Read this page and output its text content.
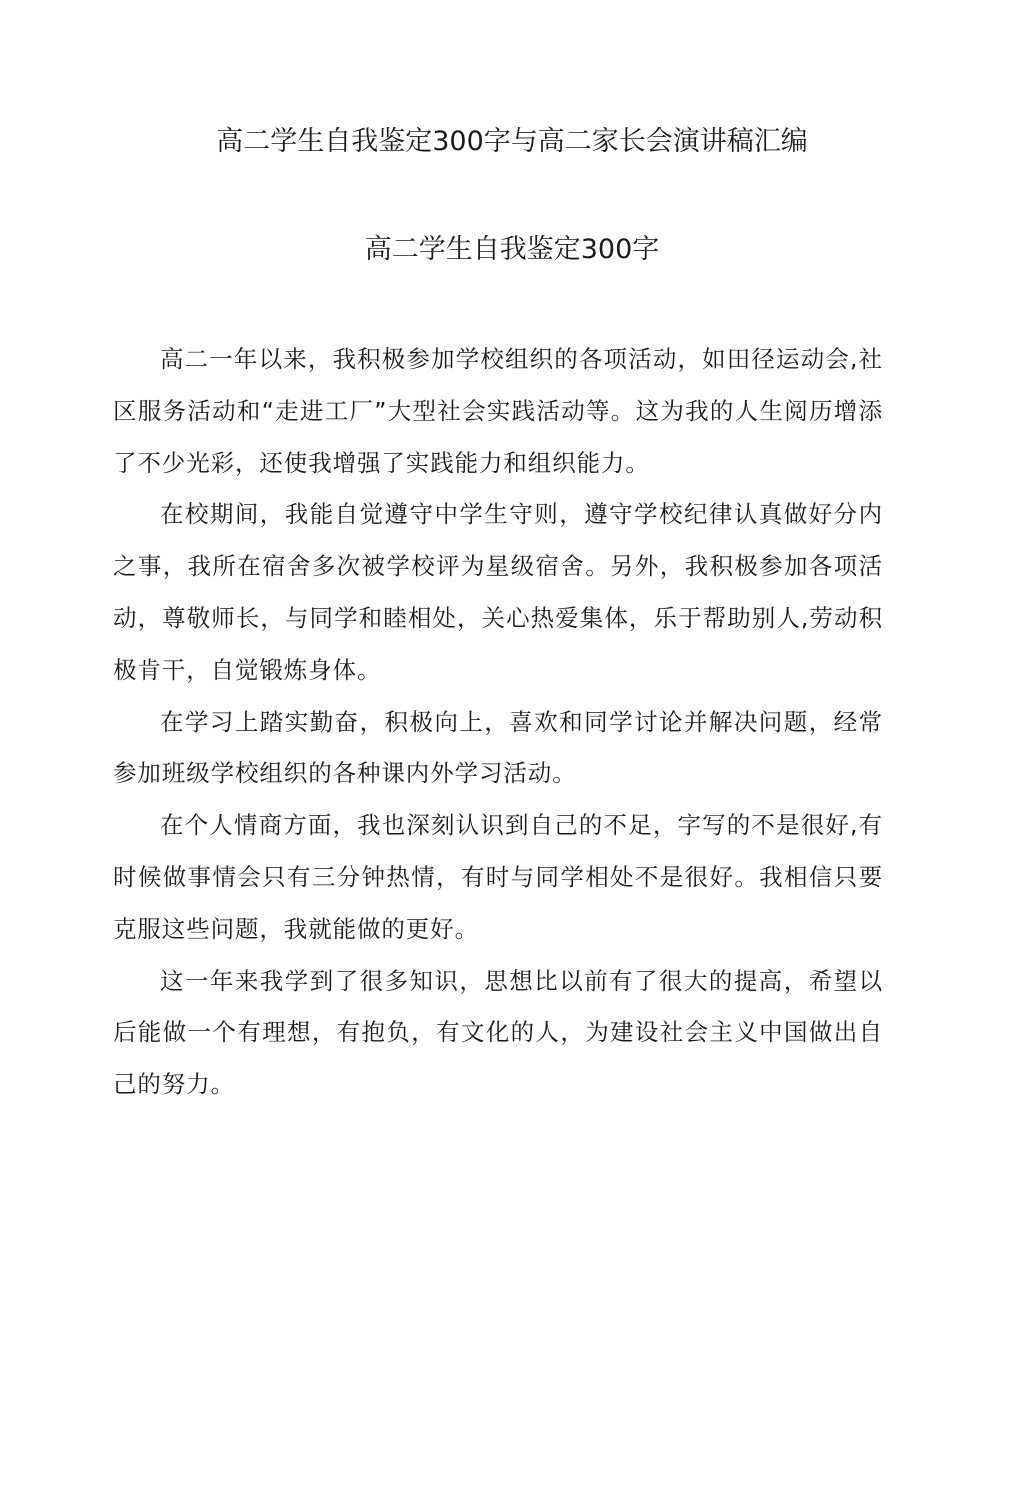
高二学生自我鉴定300字与高二家长会演讲稿汇编
高二学生自我鉴定300字

高二一年以来，我积极参加学校组织的各项活动，如田径运动会,社区服务活动和“走进工厂”大型社会实践活动等。这为我的人生阅历增添了不少光彩，还使我增强了实践能力和组织能力。

在校期间，我能自觉遵守中学生守则，遵守学校纪律认真做好分内之事，我所在宿舍多次被学校评为星级宿舍。另外，我积极参加各项活动，尊敬师长，与同学和睦相处，关心热爱集体，乐于帮助别人,劳动积极肯干，自觉锻炼身体。

在学习上踏实勤奋，积极向上，喜欢和同学讨论并解决问题，经常参加班级学校组织的各种课内外学习活动。

在个人情商方面，我也深刻认识到自己的不足，字写的不是很好,有时候做事情会只有三分钟热情，有时与同学相处不是很好。我相信只要克服这些问题，我就能做的更好。

这一年来我学到了很多知识，思想比以前有了很大的提高，希望以后能做一个有理想，有抱负，有文化的人，为建设社会主义中国做出自己的努力。
